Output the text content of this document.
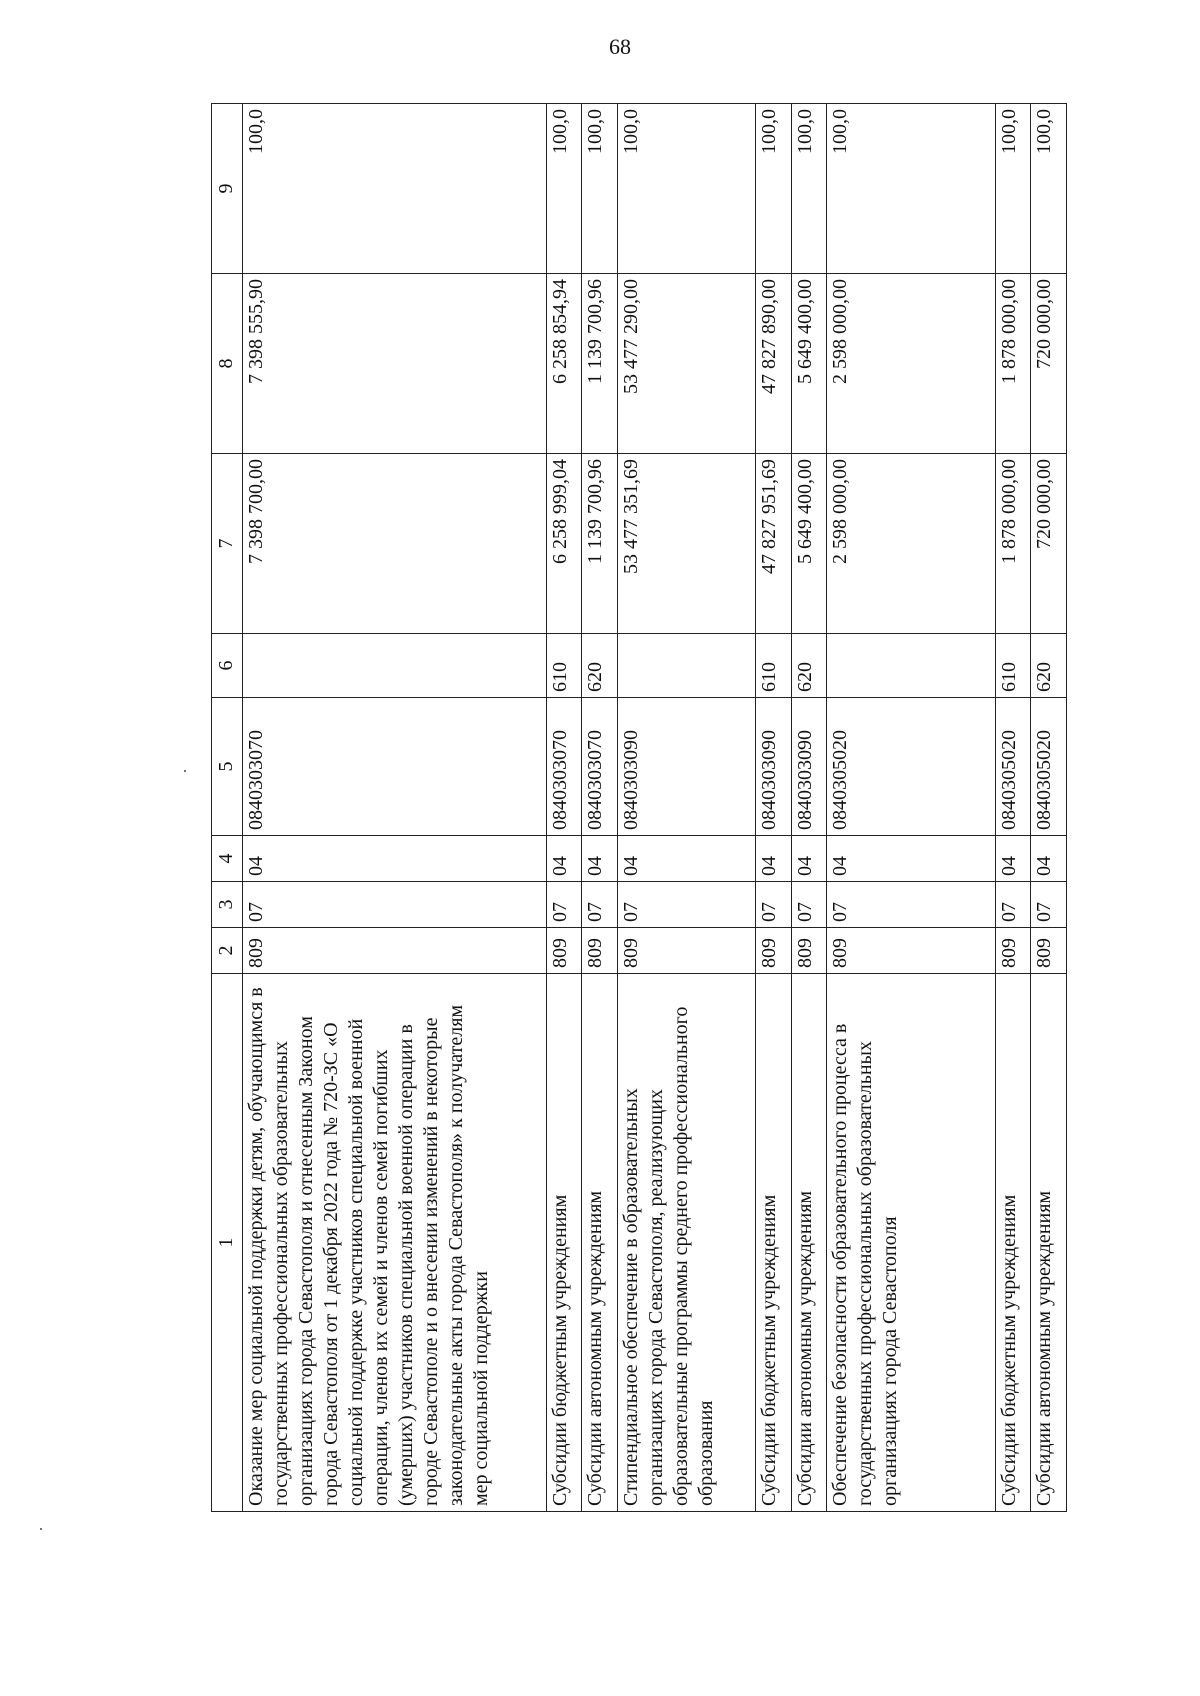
68
1	2	3	4	5	6	7	8	9
Оказание мер социальной поддержки детям, обучающимся в государственных профессиональных образовательных организациях города Севастополя и отнесенным Законом города Севастополя от 1 декабря 2022 года № 720-ЗС «О социальной поддержке участников специальной военной операции, членов их семей и членов семей погибших (умерших) участников специальной военной операции в городе Севастополе и о внесении изменений в некоторые законодательные акты города Севастополя» к получателям мер социальной поддержки	809	07	04	0840303070		7 398 700,00	7 398 555,90	100,0
Субсидии бюджетным учреждениям	809	07	04	0840303070	610	6 258 999,04	6 258 854,94	100,0
Субсидии автономным учреждениям	809	07	04	0840303070	620	1 139 700,96	1 139 700,96	100,0
Стипендиальное обеспечение в образовательных организациях города Севастополя, реализующих образовательные программы среднего профессионального образования	809	07	04	0840303090		53 477 351,69	53 477 290,00	100,0
Субсидии бюджетным учреждениям	809	07	04	0840303090	610	47 827 951,69	47 827 890,00	100,0
Субсидии автономным учреждениям	809	07	04	0840303090	620	5 649 400,00	5 649 400,00	100,0
Обеспечение безопасности образовательного процесса в государственных профессиональных образовательных организациях города Севастополя	809	07	04	0840305020		2 598 000,00	2 598 000,00	100,0
Субсидии бюджетным учреждениям	809	07	04	0840305020	610	1 878 000,00	1 878 000,00	100,0
Субсидии автономным учреждениям	809	07	04	0840305020	620	720 000,00	720 000,00	100,0
